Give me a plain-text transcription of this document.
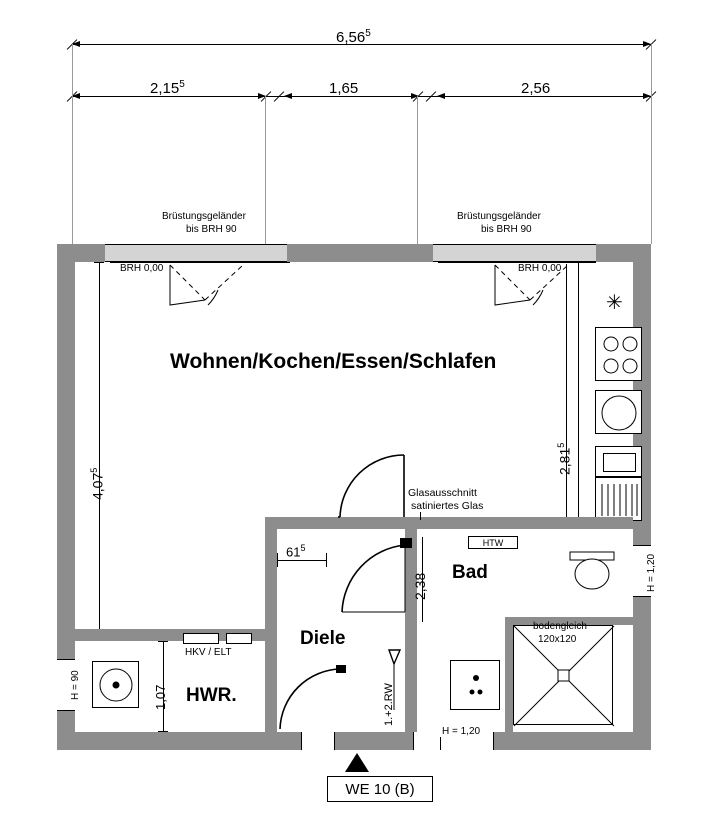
6,56$^5$
2,15$^5$	1,65	2,56
Brüstungsgeländer
bis BRH 90
Brüstungsgeländer
bis BRH 90
BRH 0,00	BRH 0,00
Wohnen/Kochen/Essen/Schlafen
✳
2,81$^5$
4,07$^5$
Glasausschnitt
satiniertes Glas
HTW
Bad
Diele
HWR.
$61^5$
2,38
1,07
HKV / ELT
H = 90
H = 1,20
bodengleich
120x120
H = 1,20
1.+2.RW
WE 10 (B)
